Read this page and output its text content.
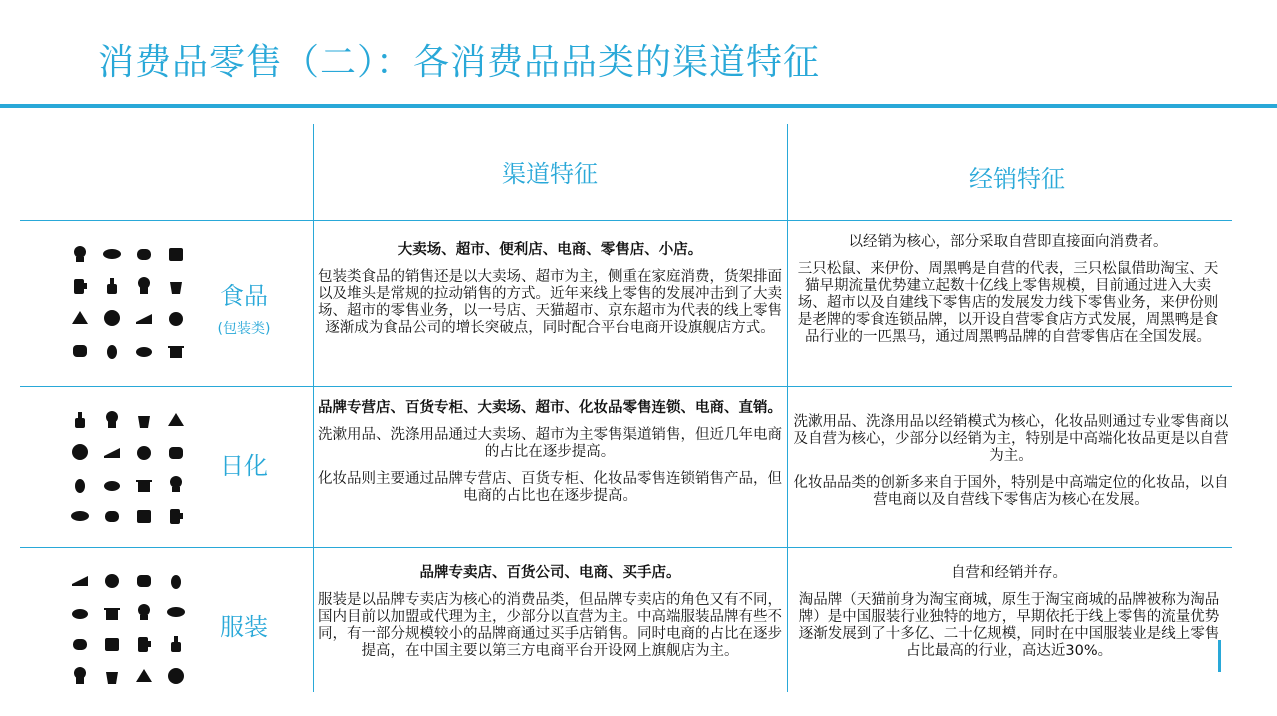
消费品零售（二）：各消费品品类的渠道特征
渠道特征	经销特征
食品
(包装类)
大卖场、超市、便利店、电商、零售店、小店。
包装类食品的销售还是以大卖场、超市为主，侧重在家庭消费，货架排面以及堆头是常规的拉动销售的方式。近年来线上零售的发展冲击到了大卖场、超市的零售业务，以一号店、天猫超市、京东超市为代表的线上零售逐渐成为食品公司的增长突破点，同时配合平台电商开设旗舰店方式。
以经销为核心，部分采取自营即直接面向消费者。
三只松鼠、来伊份、周黑鸭是自营的代表，三只松鼠借助淘宝、天猫早期流量优势建立起数十亿线上零售规模，目前通过进入大卖场、超市以及自建线下零售店的发展发力线下零售业务，来伊份则是老牌的零食连锁品牌，以开设自营零食店方式发展，周黑鸭是食品行业的一匹黑马，通过周黑鸭品牌的自营零售店在全国发展。
日化
品牌专营店、百货专柜、大卖场、超市、化妆品零售连锁、电商、直销。
洗漱用品、洗涤用品通过大卖场、超市为主零售渠道销售，但近几年电商的占比在逐步提高。
化妆品则主要通过品牌专营店、百货专柜、化妆品零售连锁销售产品，但电商的占比也在逐步提高。
洗漱用品、洗涤用品以经销模式为核心，化妆品则通过专业零售商以及自营为核心，少部分以经销为主，特别是中高端化妆品更是以自营为主。
化妆品品类的创新多来自于国外，特别是中高端定位的化妆品，以自营电商以及自营线下零售店为核心在发展。
服装
品牌专卖店、百货公司、电商、买手店。
服装是以品牌专卖店为核心的消费品类，但品牌专卖店的角色又有不同，国内目前以加盟或代理为主，少部分以直营为主。中高端服装品牌有些不同，有一部分规模较小的品牌商通过买手店销售。同时电商的占比在逐步提高，在中国主要以第三方电商平台开设网上旗舰店为主。
自营和经销并存。
淘品牌（天猫前身为淘宝商城，原生于淘宝商城的品牌被称为淘品牌）是中国服装行业独特的地方，早期依托于线上零售的流量优势逐渐发展到了十多亿、二十亿规模，同时在中国服装业是线上零售占比最高的行业，高达近30%。
